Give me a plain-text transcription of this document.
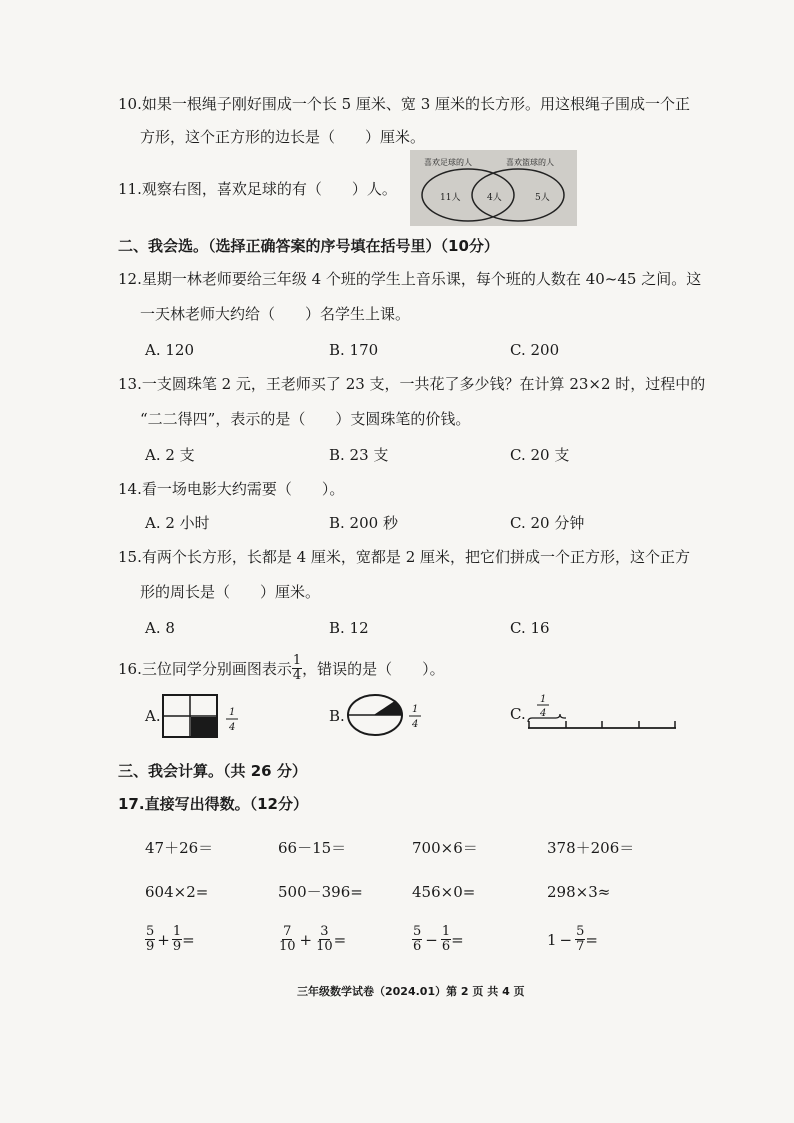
10.如果一根绳子刚好围成一个长 5 厘米、宽 3 厘米的长方形。用这根绳子围成一个正
方形，这个正方形的边长是（　　）厘米。
11.观察右图，喜欢足球的有（　　）人。
喜欢足球的人	喜欢篮球的人
11人	4人	5人
二、我会选。（选择正确答案的序号填在括号里）（10分）
12.星期一林老师要给三年级 4 个班的学生上音乐课，每个班的人数在 40~45 之间。这
一天林老师大约给（　　）名学生上课。
A. 120	B. 170	C. 200
13.一支圆珠笔 2 元，王老师买了 23 支，一共花了多少钱？在计算 23×2 时，过程中的
“二二得四”，表示的是（　　）支圆珠笔的价钱。
A. 2 支	B. 23 支	C. 20 支
14.看一场电影大约需要（　　）。
A. 2 小时	B. 200 秒	C. 20 分钟
15.有两个长方形，长都是 4 厘米，宽都是 2 厘米，把它们拼成一个正方形，这个正方
形的周长是（　　）厘米。
A. 8	B. 12	C. 16
16.三位同学分别画图表示 $\frac{1}{4}$ ，错误的是（　　）。
A.	1
4
B.	1
4
C.
1
4
三、我会计算。（共 26 分）
17.直接写出得数。（12分）
47＋26＝	66－15＝	700×6＝	378＋206＝
604×2=	500－396=	456×0=	298×3≈
$\frac{5}{9} + \frac{1}{9}$ =	$\frac{7}{10} + \frac{3}{10}$ =	$\frac{5}{6} - \frac{1}{6}$ =	$1 - \frac{5}{7}$ =
三年级数学试卷（2024.01）第 2 页 共 4 页
